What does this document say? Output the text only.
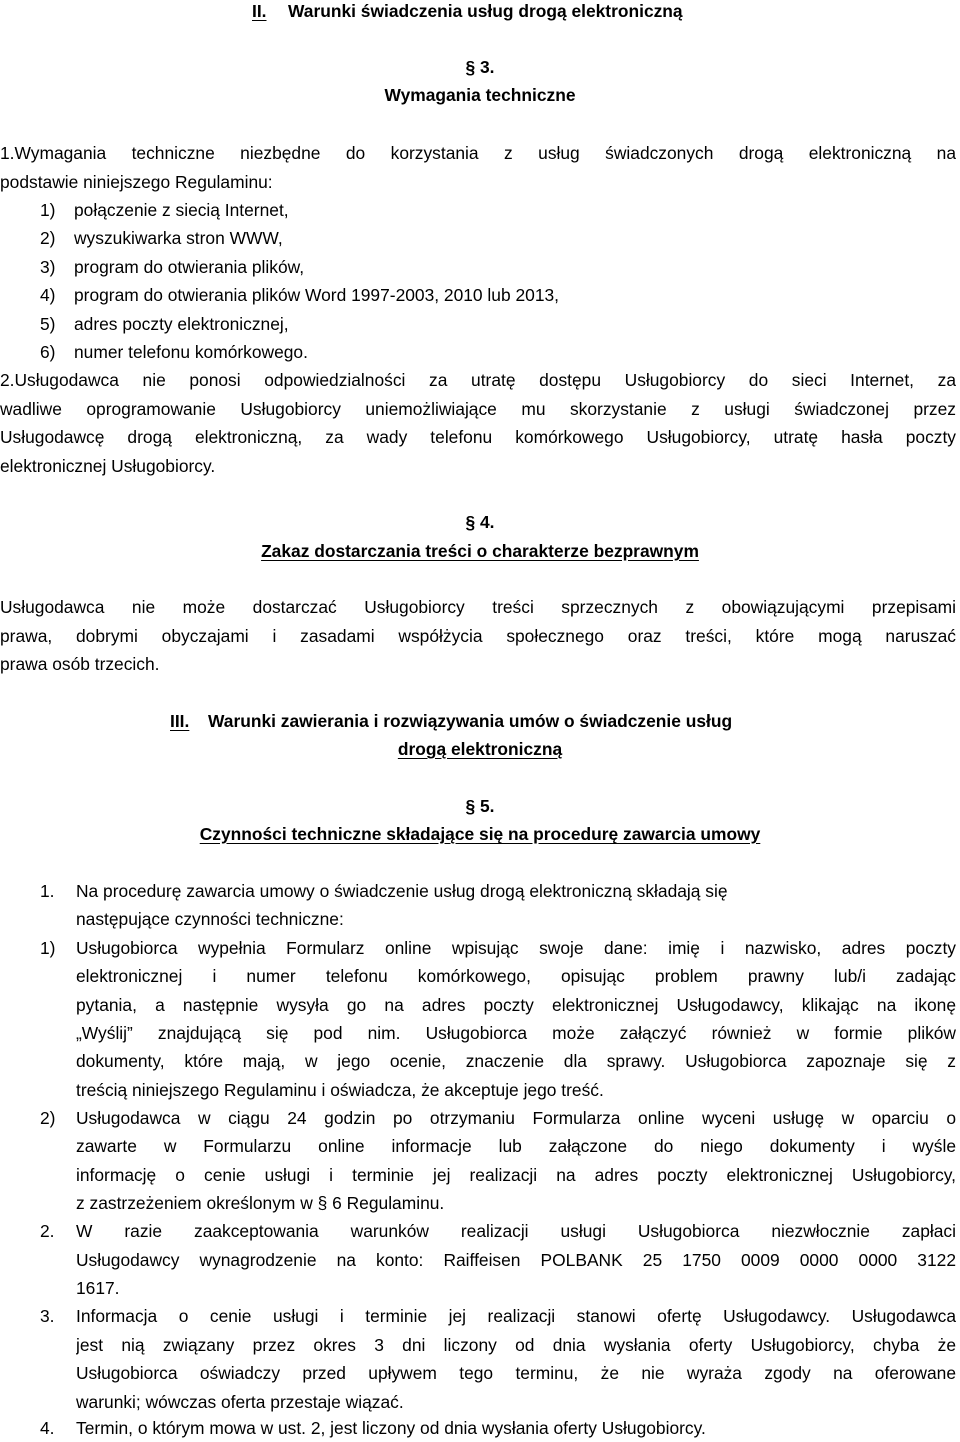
II. Warunki świadczenia usług drogą elektroniczną
§ 3.
Wymagania techniczne
1.Wymagania techniczne niezbędne do korzystania z usług świadczonych drogą elektroniczną na
podstawie niniejszego Regulaminu:
1) połączenie z siecią Internet,
2) wyszukiwarka stron WWW,
3) program do otwierania plików,
4) program do otwierania plików Word 1997-2003, 2010 lub 2013,
5) adres poczty elektronicznej,
6) numer telefonu komórkowego.
2.Usługodawca nie ponosi odpowiedzialności za utratę dostępu Usługobiorcy do sieci Internet, za
wadliwe oprogramowanie Usługobiorcy uniemożliwiające mu skorzystanie z usługi świadczonej przez
Usługodawcę drogą elektroniczną, za wady telefonu komórkowego Usługobiorcy, utratę hasła poczty
elektronicznej Usługobiorcy.
§ 4.
Zakaz dostarczania treści o charakterze bezprawnym
Usługodawca nie może dostarczać Usługobiorcy treści sprzecznych z obowiązującymi przepisami
prawa, dobrymi obyczajami i zasadami współżycia społecznego oraz treści, które mogą naruszać
prawa osób trzecich.
III. Warunki zawierania i rozwiązywania umów o świadczenie usług
drogą elektroniczną
§ 5.
Czynności techniczne składające się na procedurę zawarcia umowy
1. Na procedurę zawarcia umowy o świadczenie usług drogą elektroniczną składają się
następujące czynności techniczne:
1) Usługobiorca wypełnia Formularz online wpisując swoje dane: imię i nazwisko, adres poczty
elektronicznej i numer telefonu komórkowego, opisując problem prawny lub/i zadając
pytania, a następnie wysyła go na adres poczty elektronicznej Usługodawcy, klikając na ikonę
„Wyślij” znajdującą się pod nim. Usługobiorca może załączyć również w formie plików
dokumenty, które mają, w jego ocenie, znaczenie dla sprawy. Usługobiorca zapoznaje się z
treścią niniejszego Regulaminu i oświadcza, że akceptuje jego treść.
2) Usługodawca w ciągu 24 godzin po otrzymaniu Formularza online wyceni usługę w oparciu o
zawarte w Formularzu online informacje lub załączone do niego dokumenty i wyśle
informację o cenie usługi i terminie jej realizacji na adres poczty elektronicznej Usługobiorcy,
z zastrzeżeniem określonym w § 6 Regulaminu.
2. W razie zaakceptowania warunków realizacji usługi Usługobiorca niezwłocznie zapłaci
Usługodawcy wynagrodzenie na konto: Raiffeisen POLBANK 25 1750 0009 0000 0000 3122
1617.
3. Informacja o cenie usługi i terminie jej realizacji stanowi ofertę Usługodawcy. Usługodawca
jest nią związany przez okres 3 dni liczony od dnia wysłania oferty Usługobiorcy, chyba że
Usługobiorca oświadczy przed upływem tego terminu, że nie wyraża zgody na oferowane
warunki; wówczas oferta przestaje wiązać.
4. Termin, o którym mowa w ust. 2, jest liczony od dnia wysłania oferty Usługobiorcy.
